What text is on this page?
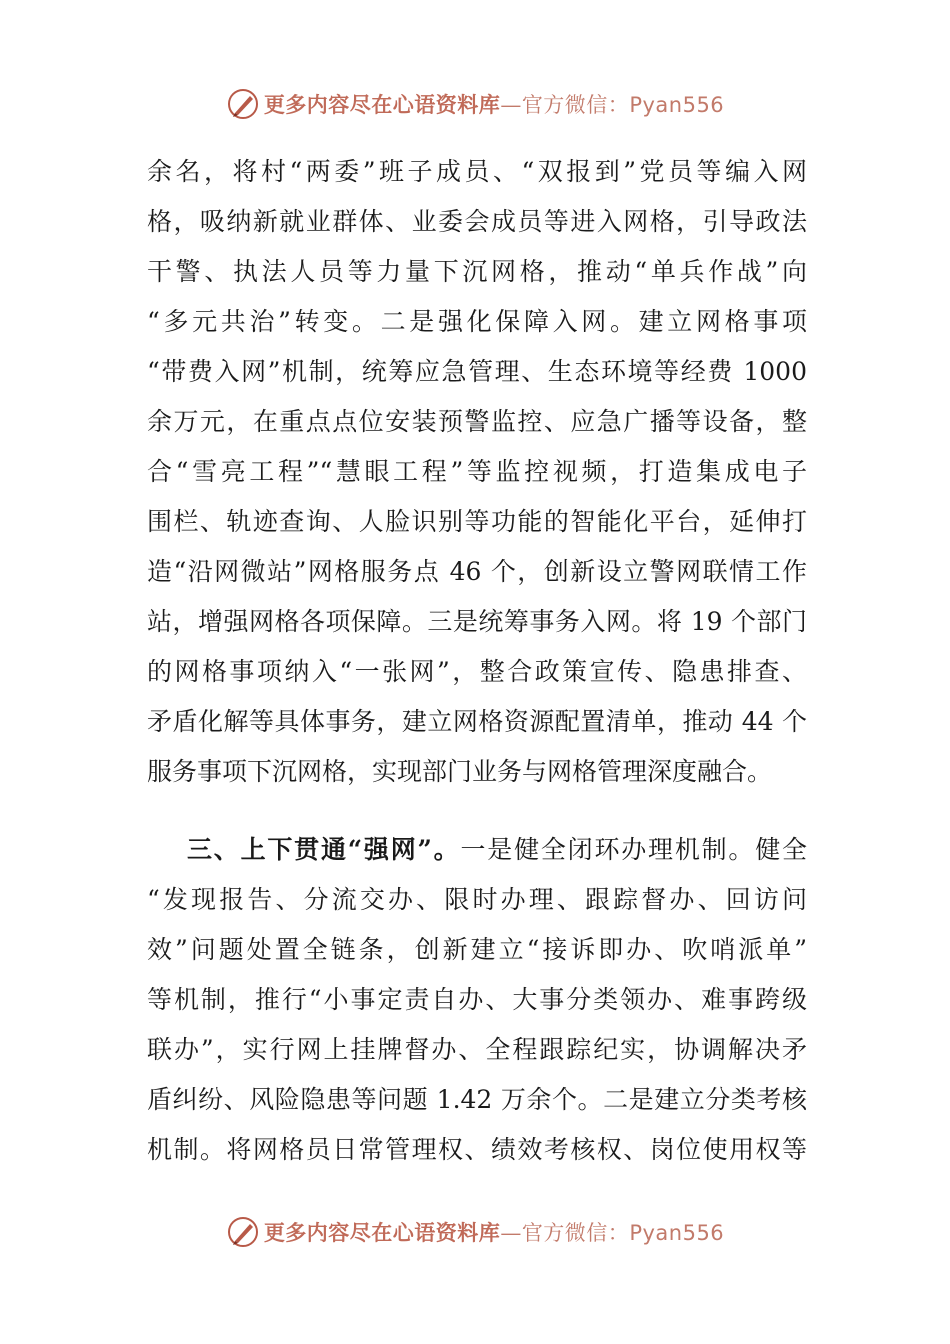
更多内容尽在心语资料库—官方微信：Pyan556
余名，将村“两委”班子成员、“双报到”党员等编入网
格，吸纳新就业群体、业委会成员等进入网格，引导政法
干警、执法人员等力量下沉网格，推动“单兵作战”向
“多元共治”转变。二是强化保障入网。建立网格事项
“带费入网”机制，统筹应急管理、生态环境等经费 1000
余万元，在重点点位安装预警监控、应急广播等设备，整
合“雪亮工程”“慧眼工程”等监控视频，打造集成电子
围栏、轨迹查询、人脸识别等功能的智能化平台，延伸打
造“沿网微站”网格服务点 46 个，创新设立警网联情工作
站，增强网格各项保障。三是统筹事务入网。将 19 个部门
的网格事项纳入“一张网”，整合政策宣传、隐患排查、
矛盾化解等具体事务，建立网格资源配置清单，推动 44 个
服务事项下沉网格，实现部门业务与网格管理深度融合。
三、上下贯通“强网”。一是健全闭环办理机制。健全
“发现报告、分流交办、限时办理、跟踪督办、回访问
效”问题处置全链条，创新建立“接诉即办、吹哨派单”
等机制，推行“小事定责自办、大事分类领办、难事跨级
联办”，实行网上挂牌督办、全程跟踪纪实，协调解决矛
盾纠纷、风险隐患等问题 1.42 万余个。二是建立分类考核
机制。将网格员日常管理权、绩效考核权、岗位使用权等
更多内容尽在心语资料库—官方微信：Pyan556
